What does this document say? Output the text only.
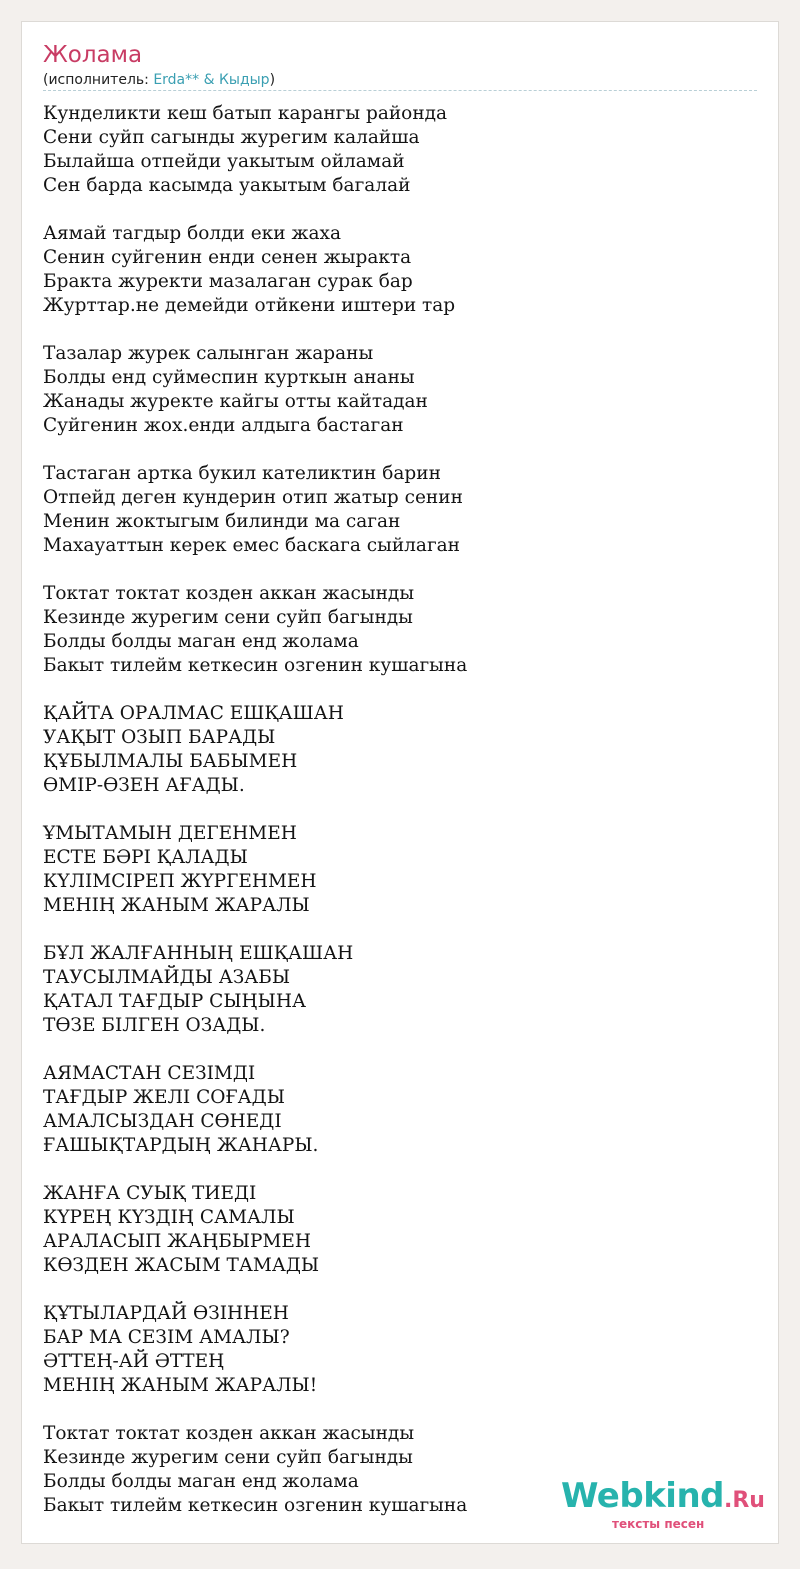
Жолама
(исполнитель: Erda** & Кыдыр)
Кунделикти кеш батып карангы районда
Сени суйп сагынды журегим калайша
Былайша отпейди уакытым ойламай
Сен барда касымда уакытым багалай
Аямай тагдыр болди еки жаха
Сенин суйгенин енди сенен жыракта
Бракта журекти мазалаган сурак бар
Журттар.не демейди отйкени иштери тар
Тазалар журек салынган жараны
Болды енд суймеспин курткын ананы
Жанады журекте кайгы отты кайтадан
Суйгенин жох.енди алдыга бастаган
Тастаган артка букил кателиктин барин
Отпейд деген кундерин отип жатыр сенин
Менин жоктыгым билинди ма саган
Махауаттын керек емес баскага сыйлаган
Токтат токтат козден аккан жасынды
Кезинде журегим сени суйп багынды
Болды болды маган енд жолама
Бакыт тилейм кеткесин озгенин кушагына
ҚАЙТА ОРАЛМАС ЕШҚАШАН
УАҚЫТ ОЗЫП БАРАДЫ
ҚҰБЫЛМАЛЫ БАБЫМЕН
ӨМІР-ӨЗЕН АҒАДЫ.
ҰМЫТАМЫН ДЕГЕНМЕН
ЕСТЕ БӘРІ ҚАЛАДЫ
КҮЛІМСІРЕП ЖҮРГЕНМЕН
МЕНІҢ ЖАНЫМ ЖАРАЛЫ
БҰЛ ЖАЛҒАННЫҢ ЕШҚАШАН
ТАУСЫЛМАЙДЫ АЗАБЫ
ҚАТАЛ ТАҒДЫР СЫҢЫНА
ТӨЗЕ БІЛГЕН ОЗАДЫ.
АЯМАСТАН СЕЗІМДІ
ТАҒДЫР ЖЕЛІ СОҒАДЫ
АМАЛСЫЗДАН СӨНЕДІ
ҒАШЫҚТАРДЫҢ ЖАНАРЫ.
ЖАНҒА СУЫҚ ТИЕДІ
КҮРЕҢ КҮЗДІҢ САМАЛЫ
АРАЛАСЫП ЖАҢБЫРМЕН
КӨЗДЕН ЖАСЫМ ТАМАДЫ
ҚҰТЫЛАРДАЙ ӨЗІННЕН
БАР МА СЕЗІМ АМАЛЫ?
ӘТТЕҢ-АЙ ӘТТЕҢ
МЕНІҢ ЖАНЫМ ЖАРАЛЫ!
Токтат токтат козден аккан жасынды
Кезинде журегим сени суйп багынды
Болды болды маган енд жолама
Бакыт тилейм кеткесин озгенин кушагына	Webkind.Ru
тексты песен
